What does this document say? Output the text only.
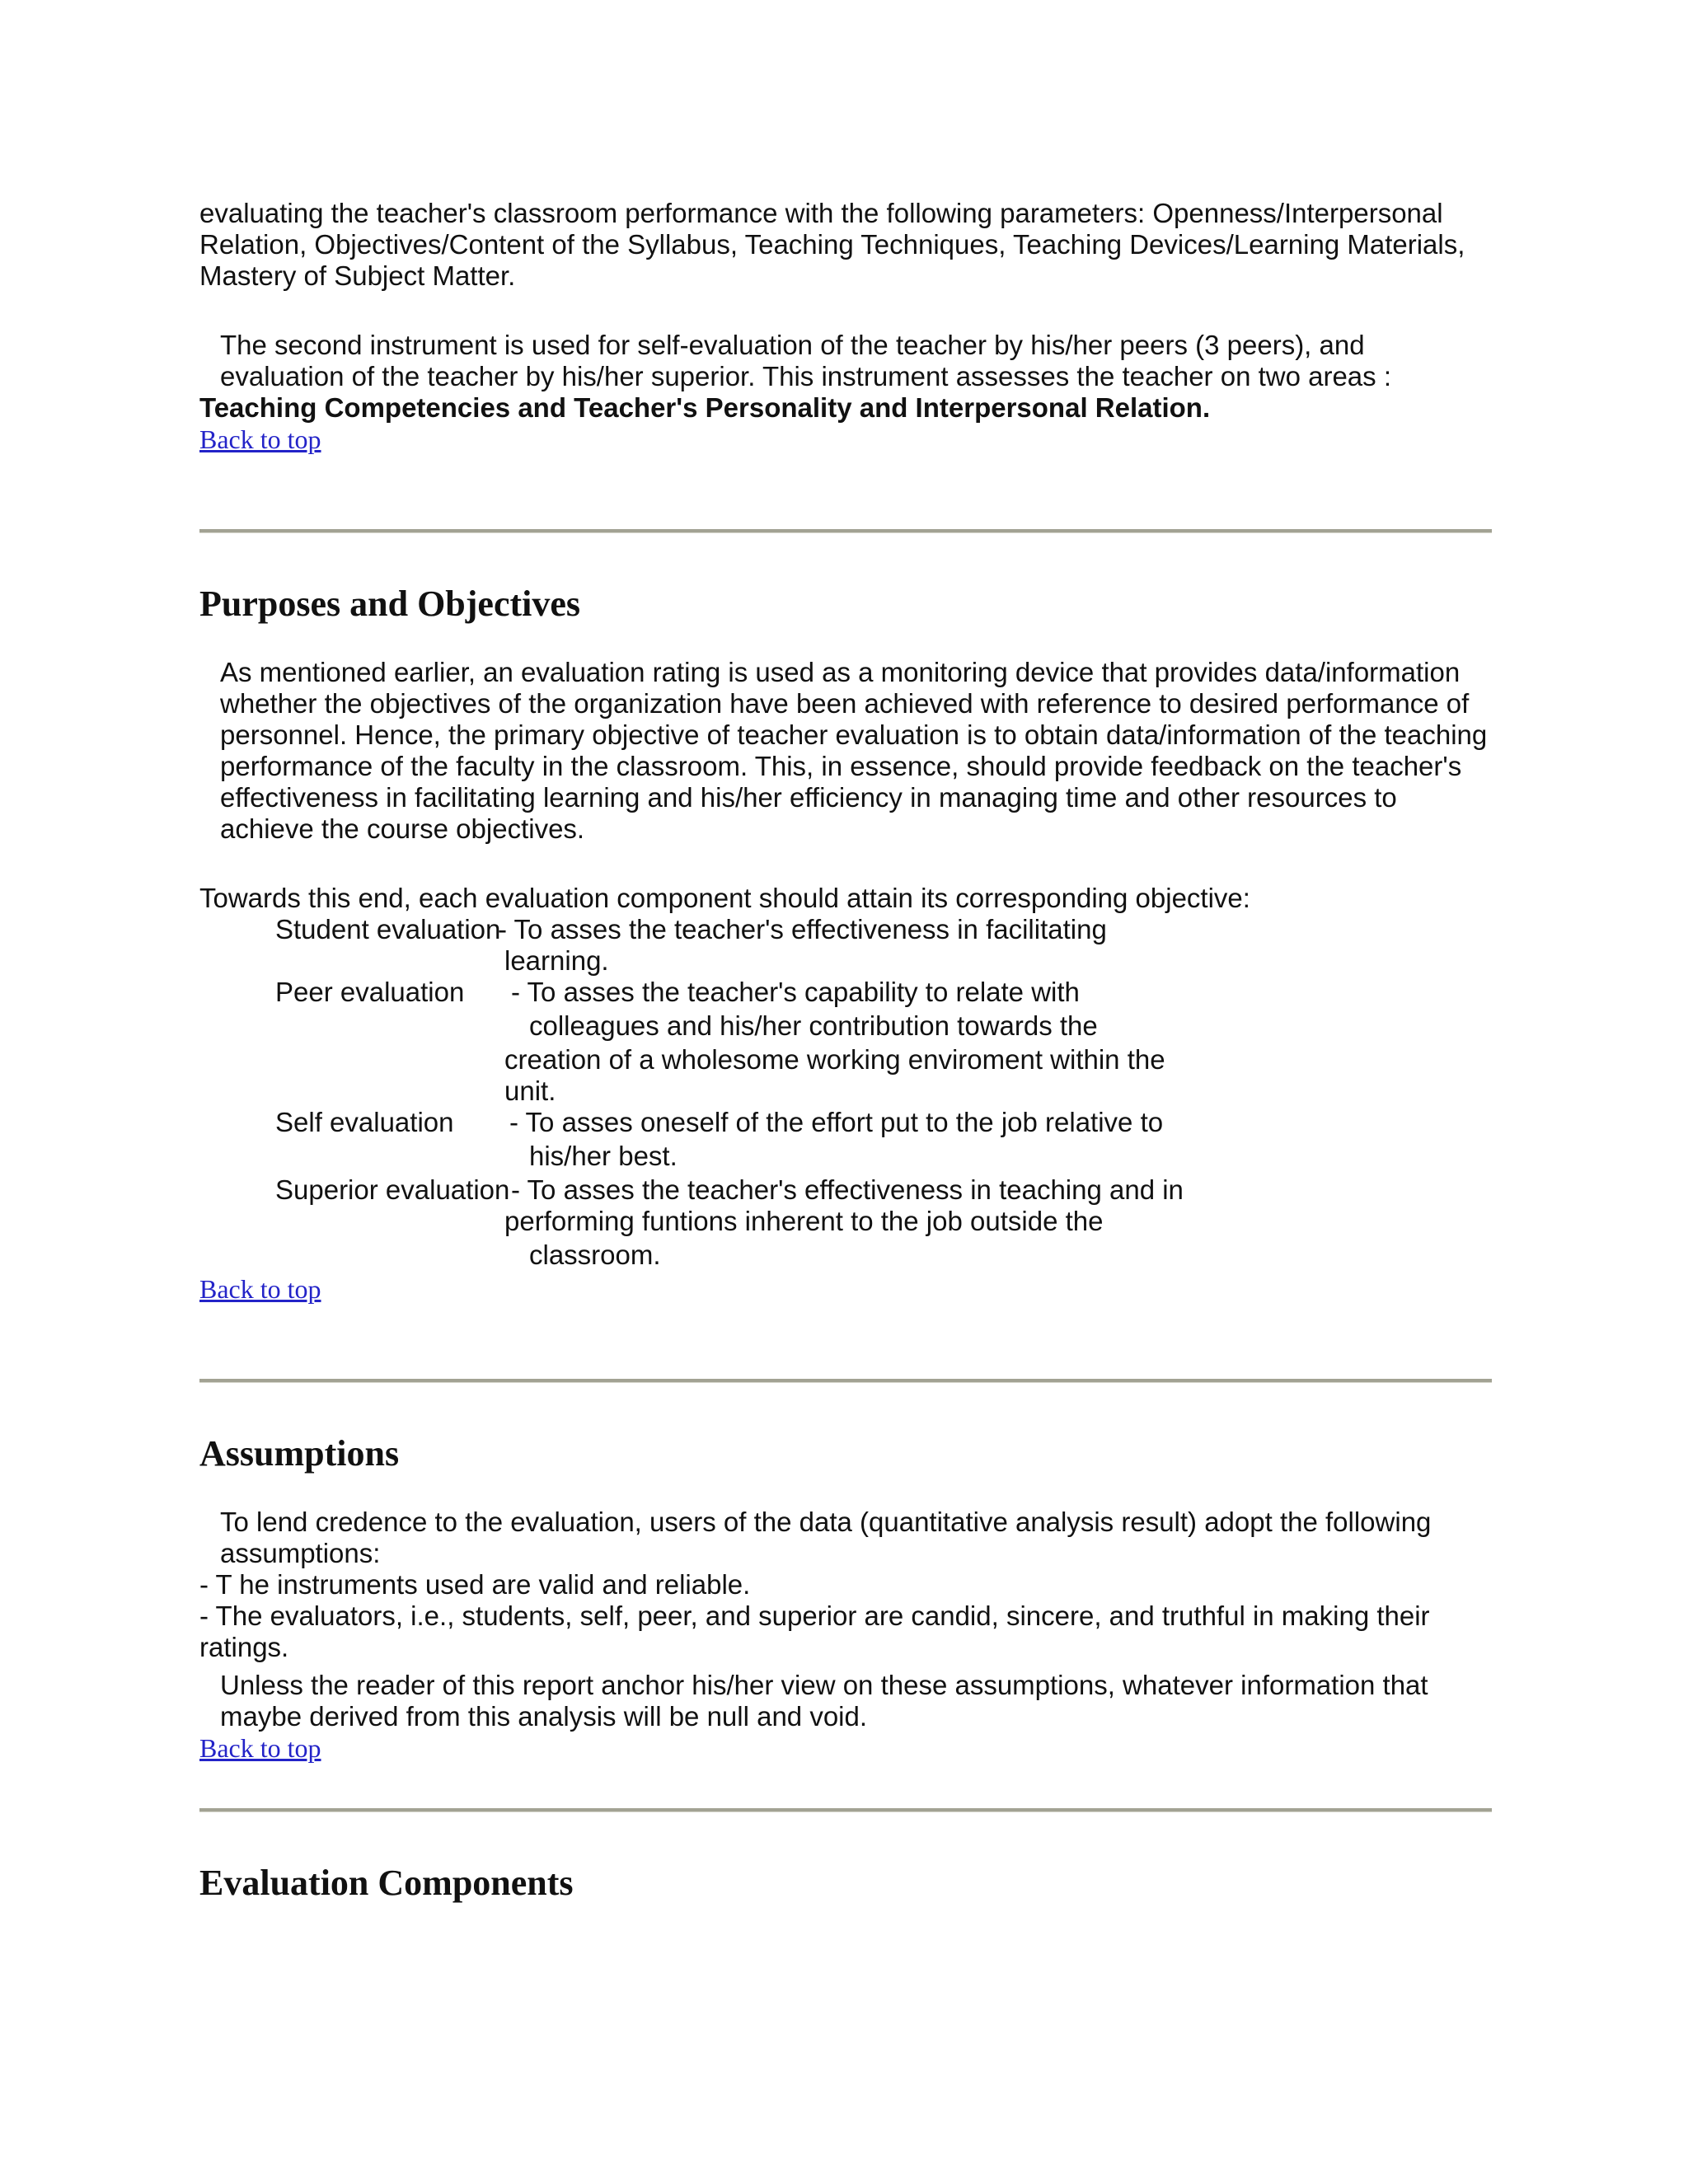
evaluating the teacher's classroom performance with the following parameters: Openness/Interpersonal Relation, Objectives/Content of the Syllabus, Teaching Techniques, Teaching Devices/Learning Materials, Mastery of Subject Matter.

The second instrument is used for self-evaluation of the teacher by his/her peers (3 peers), and evaluation of the teacher by his/her superior. This instrument assesses the teacher on two areas :
Teaching Competencies and Teacher's Personality and Interpersonal Relation.

Back to top
Purposes and Objectives

As mentioned earlier, an evaluation rating is used as a monitoring device that provides data/information whether the objectives of the organization have been achieved with reference to desired performance of personnel. Hence, the primary objective of teacher evaluation is to obtain data/information of the teaching performance of the faculty in the classroom. This, in essence, should provide feedback on the teacher's effectiveness in facilitating learning and his/her efficiency in managing time and other resources to achieve the course objectives.

Towards this end, each evaluation component should attain its corresponding objective:

Student evaluation
- To asses the teacher's effectiveness in facilitating
learning.
Peer evaluation	- To asses the teacher's capability to relate with
colleagues and his/her contribution towards the
creation of a wholesome working enviroment within the
unit.
Self evaluation	- To asses oneself of the effort put to the job relative to
his/her best.
Superior evaluation - To asses the teacher's effectiveness in teaching and in
performing funtions inherent to the job outside the
classroom.
Back to top
Assumptions

To lend credence to the evaluation, users of the data (quantitative analysis result) adopt the following assumptions:

- T he instruments used are valid and reliable.

- The evaluators, i.e., students, self, peer, and superior are candid, sincere, and truthful in making their ratings.

Unless the reader of this report anchor his/her view on these assumptions, whatever information that maybe derived from this analysis will be null and void.

Back to top
Evaluation Components
